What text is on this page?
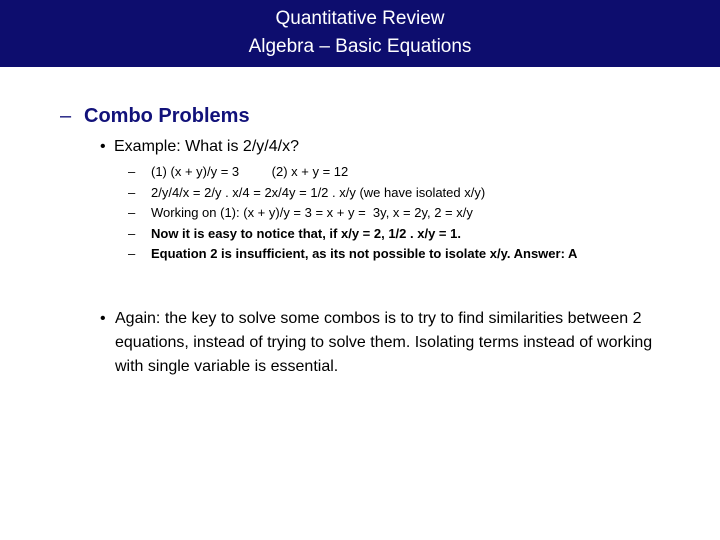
Quantitative Review
Algebra – Basic Equations
– Combo Problems
• Example: What is 2/y/4/x?
– (1) (x + y)/y = 3         (2) x + y = 12
– 2/y/4/x = 2/y . x/4 = 2x/4y = 1/2 . x/y (we have isolated x/y)
– Working on (1): (x + y)/y = 3 = x + y =  3y, x = 2y, 2 = x/y
– Now it is easy to notice that, if x/y = 2, 1/2 . x/y = 1.
– Equation 2 is insufficient, as its not possible to isolate x/y. Answer: A
• Again: the key to solve some combos is to try to find similarities between 2 equations, instead of trying to solve them. Isolating terms instead of working with single variable is essential.
